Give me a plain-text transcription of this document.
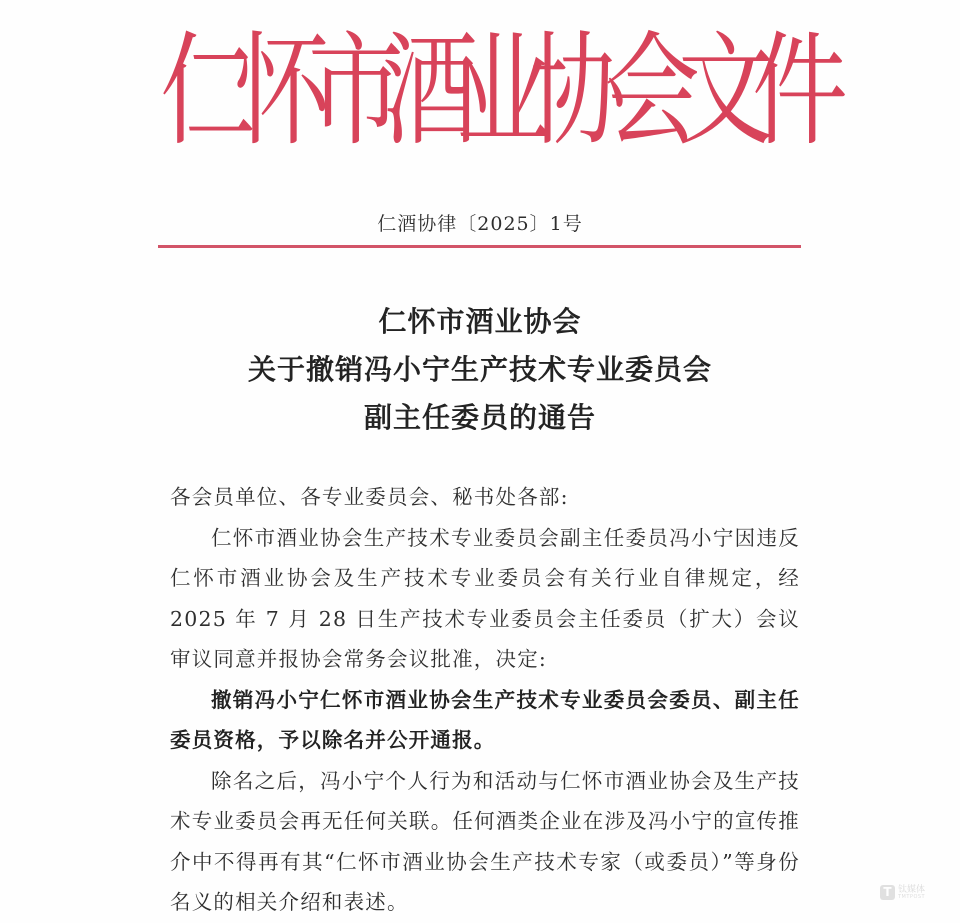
仁
怀
市
酒
业
协
会
文
件
仁酒协律〔2025〕1号
仁怀市酒业协会
关于撤销冯小宁生产技术专业委员会
副主任委员的通告

各会员单位、各专业委员会、秘书处各部:

仁怀市酒业协会生产技术专业委员会副主任委员冯小宁因违反仁怀市酒业协会及生产技术专业委员会有关行业自律规定，经 2025 年 7 月 28 日生产技术专业委员会主任委员（扩大）会议审议同意并报协会常务会议批准，决定:

撤销冯小宁仁怀市酒业协会生产技术专业委员会委员、副主任委员资格，予以除名并公开通报。

除名之后，冯小宁个人行为和活动与仁怀市酒业协会及生产技术专业委员会再无任何关联。任何酒类企业在涉及冯小宁的宣传推介中不得再有其“仁怀市酒业协会生产技术专家（或委员）”等身份名义的相关介绍和表述。	T 钛媒体
TMTPOST
